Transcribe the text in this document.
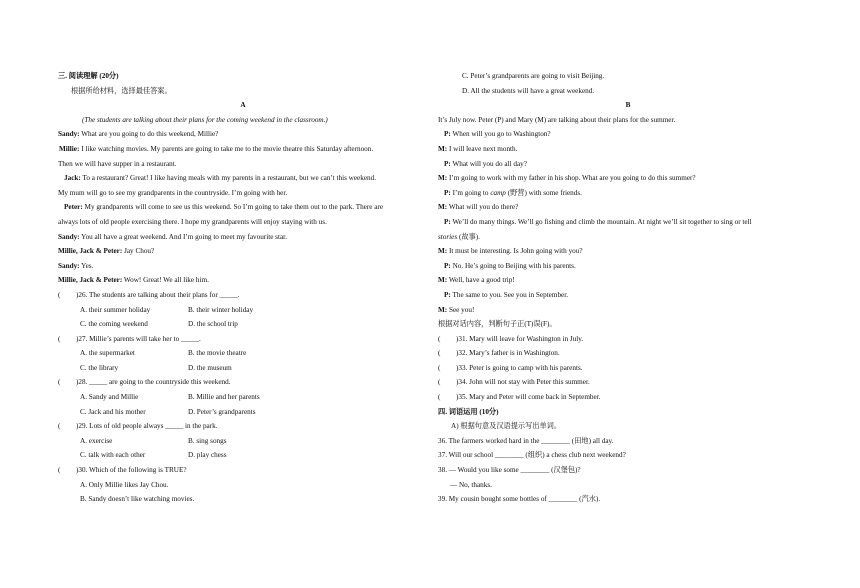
三. 阅读理解 (20分)
根据所给材料，选择最佳答案。
A
(The students are talking about their plans for the coming weekend in the classroom.)
Sandy: What are you going to do this weekend, Millie?
Millie: I like watching movies. My parents are going to take me to the movie theatre this Saturday afternoon.
Then we will have supper in a restaurant.
Jack: To a restaurant? Great! I like having meals with my parents in a restaurant, but we can’t this weekend.
My mum will go to see my grandparents in the countryside. I’m going with her.
Peter: My grandparents will come to see us this weekend. So I’m going to take them out to the park. There are
always lots of old people exercising there. I hope my grandparents will enjoy staying with us.
Sandy: You all have a great weekend. And I’m going to meet my favourite star.
Millie, Jack & Peter: Jay Chou?
Sandy: Yes.
Millie, Jack & Peter: Wow! Great! We all like him.
(	)26. The students are talking about their plans for _____.
A. their summer holiday	B. their winter holiday
C. the coming weekend	D. the school trip
(	)27. Millie’s parents will take her to _____.
A. the supermarket	B. the movie theatre
C. the library	D. the museum
(	)28. _____ are going to the countryside this weekend.
A. Sandy and Millie	B. Millie and her parents
C. Jack and his mother	D. Peter’s grandparents
(	)29. Lots of old people always _____ in the park.
A. exercise	B. sing songs
C. talk with each other	D. play chess
(	)30. Which of the following is TRUE?
A. Only Millie likes Jay Chou.
B. Sandy doesn’t like watching movies.
C. Peter’s grandparents are going to visit Beijing.
D. All the students will have a great weekend.
B
It’s July now. Peter (P) and Mary (M) are talking about their plans for the summer.
P: When will you go to Washington?
M: I will leave next month.
P: What will you do all day?
M: I’m going to work with my father in his shop. What are you going to do this summer?
P: I’m going to camp (野营) with some friends.
M: What will you do there?
P: We’ll do many things. We’ll go fishing and climb the mountain. At night we’ll sit together to sing or tell
stories (故事).
M: It must be interesting. Is John going with you?
P: No. He’s going to Beijing with his parents.
M: Well, have a good trip!
P: The same to you. See you in September.
M: See you!
根据对话内容，判断句子正(T)误(F)。
(	)31. Mary will leave for Washington in July.
(	)32. Mary’s father is in Washington.
(	)33. Peter is going to camp with his parents.
(	)34. John will not stay with Peter this summer.
(	)35. Mary and Peter will come back in September.
四. 词语运用 (10分)
A) 根据句意及汉语提示写出单词。
36. The farmers worked hard in the ________ (田地) all day.
37. Will our school ________ (组织) a chess club next weekend?
38. — Would you like some ________ (汉堡包)?
— No, thanks.
39. My cousin bought some bottles of ________ (汽水).
